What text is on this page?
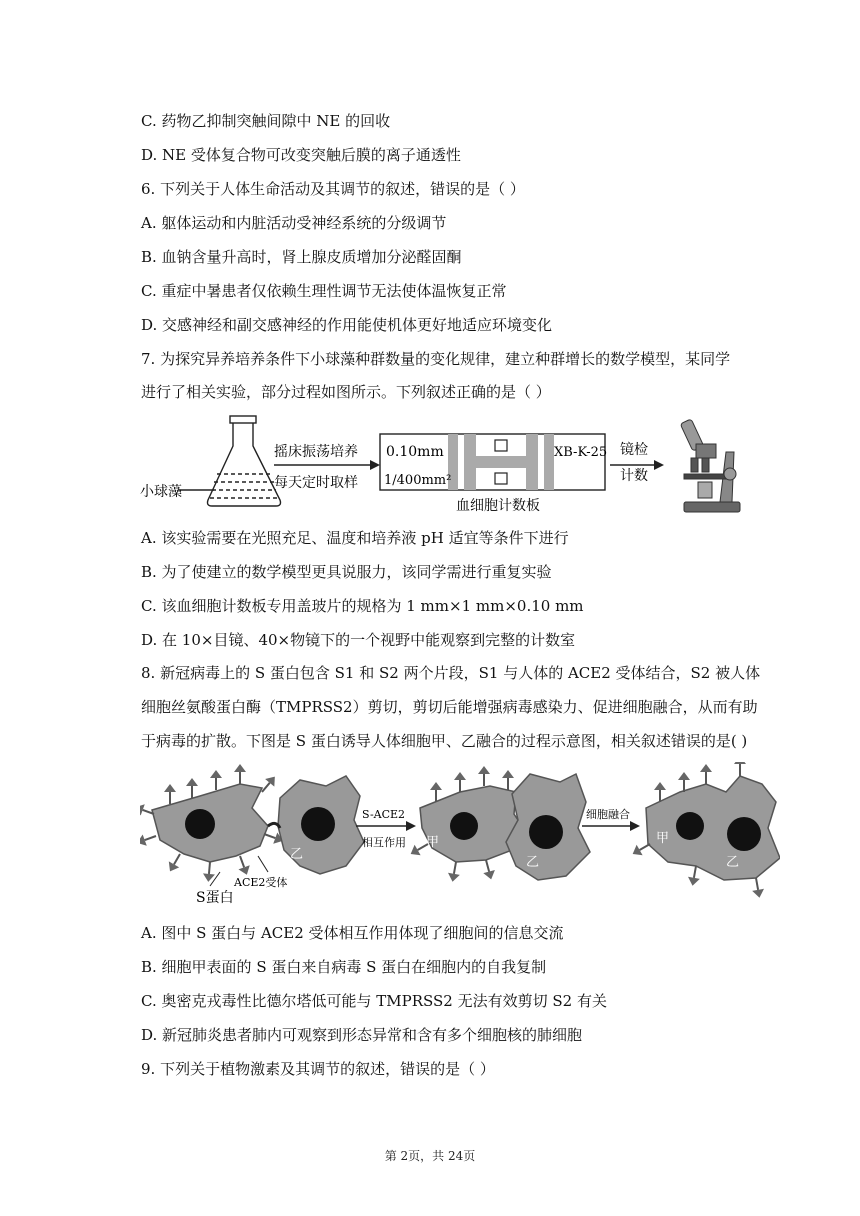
C. 药物乙抑制突触间隙中 NE 的回收
D. NE 受体复合物可改变突触后膜的离子通透性
6. 下列关于人体生命活动及其调节的叙述，错误的是（ ）
A. 躯体运动和内脏活动受神经系统的分级调节
B. 血钠含量升高时，肾上腺皮质增加分泌醛固酮
C. 重症中暑患者仅依赖生理性调节无法使体温恢复正常
D. 交感神经和副交感神经的作用能使机体更好地适应环境变化
7. 为探究异养培养条件下小球藻种群数量的变化规律，建立种群增长的数学模型，某同学
进行了相关实验，部分过程如图所示。下列叙述正确的是（ ）
小球藻
摇床振荡培养
每天定时取样
0.10mm
1/400mm²
XB-K-25
血细胞计数板
镜检
计数
A. 该实验需要在光照充足、温度和培养液 pH 适宜等条件下进行
B. 为了使建立的数学模型更具说服力，该同学需进行重复实验
C. 该血细胞计数板专用盖玻片的规格为 1 mm×1 mm×0.10 mm
D. 在 10×目镜、40×物镜下的一个视野中能观察到完整的计数室
8. 新冠病毒上的 S 蛋白包含 S1 和 S2 两个片段，S1 与人体的 ACE2 受体结合，S2 被人体
细胞丝氨酸蛋白酶（TMPRSS2）剪切，剪切后能增强病毒感染力、促进细胞融合，从而有助
于病毒的扩散。下图是 S 蛋白诱导人体细胞甲、乙融合的过程示意图，相关叙述错误的是( )
甲	乙
ACE2受体
S蛋白
S-ACE2
相互作用 甲
乙
细胞融合
甲
乙
A. 图中 S 蛋白与 ACE2 受体相互作用体现了细胞间的信息交流
B. 细胞甲表面的 S 蛋白来自病毒 S 蛋白在细胞内的自我复制
C. 奥密克戎毒性比德尔塔低可能与 TMPRSS2 无法有效剪切 S2 有关
D. 新冠肺炎患者肺内可观察到形态异常和含有多个细胞核的肺细胞
9. 下列关于植物激素及其调节的叙述，错误的是（ ）
第 2页，共 24页
